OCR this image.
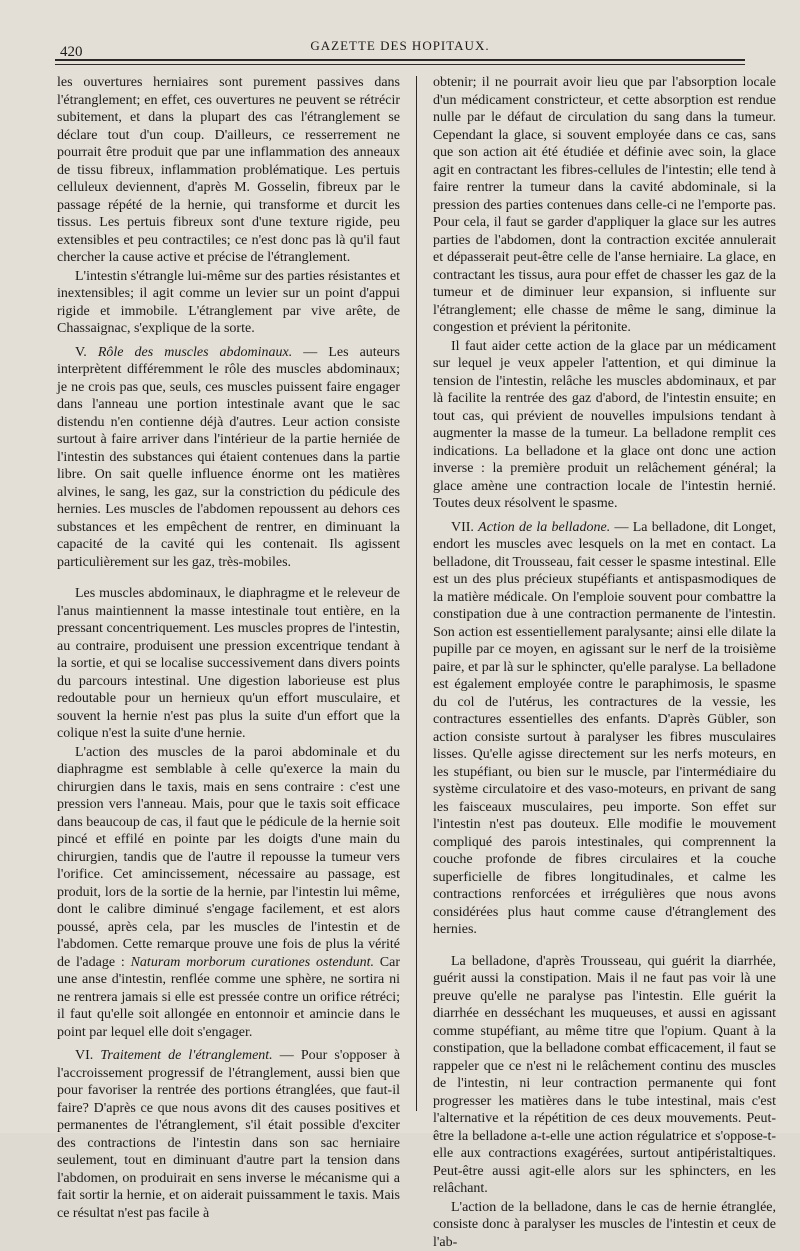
420	GAZETTE DES HOPITAUX.

les ouvertures herniaires sont purement passives dans l'étranglement; en effet, ces ouvertures ne peuvent se rétrécir subitement, et dans la plupart des cas l'étranglement se déclare tout d'un coup. D'ailleurs, ce resserrement ne pourrait être produit que par une inflammation des anneaux de tissu fibreux, inflammation problématique. Les pertuis celluleux deviennent, d'après M. Gosselin, fibreux par le passage répété de la hernie, qui transforme et durcit les tissus. Les pertuis fibreux sont d'une texture rigide, peu extensibles et peu contractiles; ce n'est donc pas là qu'il faut chercher la cause active et précise de l'étranglement.

L'intestin s'étrangle lui-même sur des parties résistantes et inextensibles; il agit comme un levier sur un point d'appui rigide et immobile. L'étranglement par vive arête, de Chassaignac, s'explique de la sorte.

V. Rôle des muscles abdominaux. — Les auteurs interprètent différemment le rôle des muscles abdominaux; je ne crois pas que, seuls, ces muscles puissent faire engager dans l'anneau une portion intestinale avant que le sac distendu n'en contienne déjà d'autres. Leur action consiste surtout à faire arriver dans l'intérieur de la partie herniée de l'intestin des substances qui étaient contenues dans la partie libre. On sait quelle influence énorme ont les matières alvines, le sang, les gaz, sur la constriction du pédicule des hernies. Les muscles de l'abdomen repoussent au dehors ces substances et les empêchent de rentrer, en diminuant la capacité de la cavité qui les contenait. Ils agissent particulièrement sur les gaz, très-mobiles.

Les muscles abdominaux, le diaphragme et le releveur de l'anus maintiennent la masse intestinale tout entière, en la pressant concentriquement. Les muscles propres de l'intestin, au contraire, produisent une pression excentrique tendant à la sortie, et qui se localise successivement dans divers points du parcours intestinal. Une digestion laborieuse est plus redoutable pour un hernieux qu'un effort musculaire, et souvent la hernie n'est pas plus la suite d'un effort que la colique n'est la suite d'une hernie.

L'action des muscles de la paroi abdominale et du diaphragme est semblable à celle qu'exerce la main du chirurgien dans le taxis, mais en sens contraire : c'est une pression vers l'anneau. Mais, pour que le taxis soit efficace dans beaucoup de cas, il faut que le pédicule de la hernie soit pincé et effilé en pointe par les doigts d'une main du chirurgien, tandis que de l'autre il repousse la tumeur vers l'orifice. Cet amincissement, nécessaire au passage, est produit, lors de la sortie de la hernie, par l'intestin lui même, dont le calibre diminué s'engage facilement, et est alors poussé, après cela, par les muscles de l'intestin et de l'abdomen. Cette remarque prouve une fois de plus la vérité de l'adage : Naturam morborum curationes ostendunt. Car une anse d'intestin, renflée comme une sphère, ne sortira ni ne rentrera jamais si elle est pressée contre un orifice rétréci; il faut qu'elle soit allongée en entonnoir et amincie dans le point par lequel elle doit s'engager.

VI. Traitement de l'étranglement. — Pour s'opposer à l'accroissement progressif de l'étranglement, aussi bien que pour favoriser la rentrée des portions étranglées, que faut-il faire? D'après ce que nous avons dit des causes positives et permanentes de l'étranglement, s'il était possible d'exciter des contractions de l'intestin dans son sac herniaire seulement, tout en diminuant d'autre part la tension dans l'abdomen, on produirait en sens inverse le mécanisme qui a fait sortir la hernie, et on aiderait puissamment le taxis. Mais ce résultat n'est pas facile à

obtenir; il ne pourrait avoir lieu que par l'absorption locale d'un médicament constricteur, et cette absorption est rendue nulle par le défaut de circulation du sang dans la tumeur. Cependant la glace, si souvent employée dans ce cas, sans que son action ait été étudiée et définie avec soin, la glace agit en contractant les fibres-cellules de l'intestin; elle tend à faire rentrer la tumeur dans la cavité abdominale, si la pression des parties contenues dans celle-ci ne l'emporte pas. Pour cela, il faut se garder d'appliquer la glace sur les autres parties de l'abdomen, dont la contraction excitée annulerait et dépasserait peut-être celle de l'anse herniaire. La glace, en contractant les tissus, aura pour effet de chasser les gaz de la tumeur et de diminuer leur expansion, si influente sur l'étranglement; elle chasse de même le sang, diminue la congestion et prévient la péritonite.

Il faut aider cette action de la glace par un médicament sur lequel je veux appeler l'attention, et qui diminue la tension de l'intestin, relâche les muscles abdominaux, et par là facilite la rentrée des gaz d'abord, de l'intestin ensuite; en tout cas, qui prévient de nouvelles impulsions tendant à augmenter la masse de la tumeur. La belladone remplit ces indications. La belladone et la glace ont donc une action inverse : la première produit un relâchement général; la glace amène une contraction locale de l'intestin hernié. Toutes deux résolvent le spasme.

VII. Action de la belladone. — La belladone, dit Longet, endort les muscles avec lesquels on la met en contact. La belladone, dit Trousseau, fait cesser le spasme intestinal. Elle est un des plus précieux stupéfiants et antispasmodiques de la matière médicale. On l'emploie souvent pour combattre la constipation due à une contraction permanente de l'intestin. Son action est essentiellement paralysante; ainsi elle dilate la pupille par ce moyen, en agissant sur le nerf de la troisième paire, et par là sur le sphincter, qu'elle paralyse. La belladone est également employée contre le paraphimosis, le spasme du col de l'utérus, les contractures de la vessie, les contractures essentielles des enfants. D'après Gübler, son action consiste surtout à paralyser les fibres musculaires lisses. Qu'elle agisse directement sur les nerfs moteurs, en les stupéfiant, ou bien sur le muscle, par l'intermédiaire du système circulatoire et des vaso-moteurs, en privant de sang les faisceaux musculaires, peu importe. Son effet sur l'intestin n'est pas douteux. Elle modifie le mouvement compliqué des parois intestinales, qui comprennent la couche profonde de fibres circulaires et la couche superficielle de fibres longitudinales, et calme les contractions renforcées et irrégulières que nous avons considérées plus haut comme cause d'étranglement des hernies.

La belladone, d'après Trousseau, qui guérit la diarrhée, guérit aussi la constipation. Mais il ne faut pas voir là une preuve qu'elle ne paralyse pas l'intestin. Elle guérit la diarrhée en desséchant les muqueuses, et aussi en agissant comme stupéfiant, au même titre que l'opium. Quant à la constipation, que la belladone combat efficacement, il faut se rappeler que ce n'est ni le relâchement continu des muscles de l'intestin, ni leur contraction permanente qui font progresser les matières dans le tube intestinal, mais c'est l'alternative et la répétition de ces deux mouvements. Peut-être la belladone a-t-elle une action régulatrice et s'oppose-t-elle aux contractions exagérées, surtout antipéristaltiques. Peut-être aussi agit-elle alors sur les sphincters, en les relâchant.

L'action de la belladone, dans le cas de hernie étranglée, consiste donc à paralyser les muscles de l'intestin et ceux de l'ab-
